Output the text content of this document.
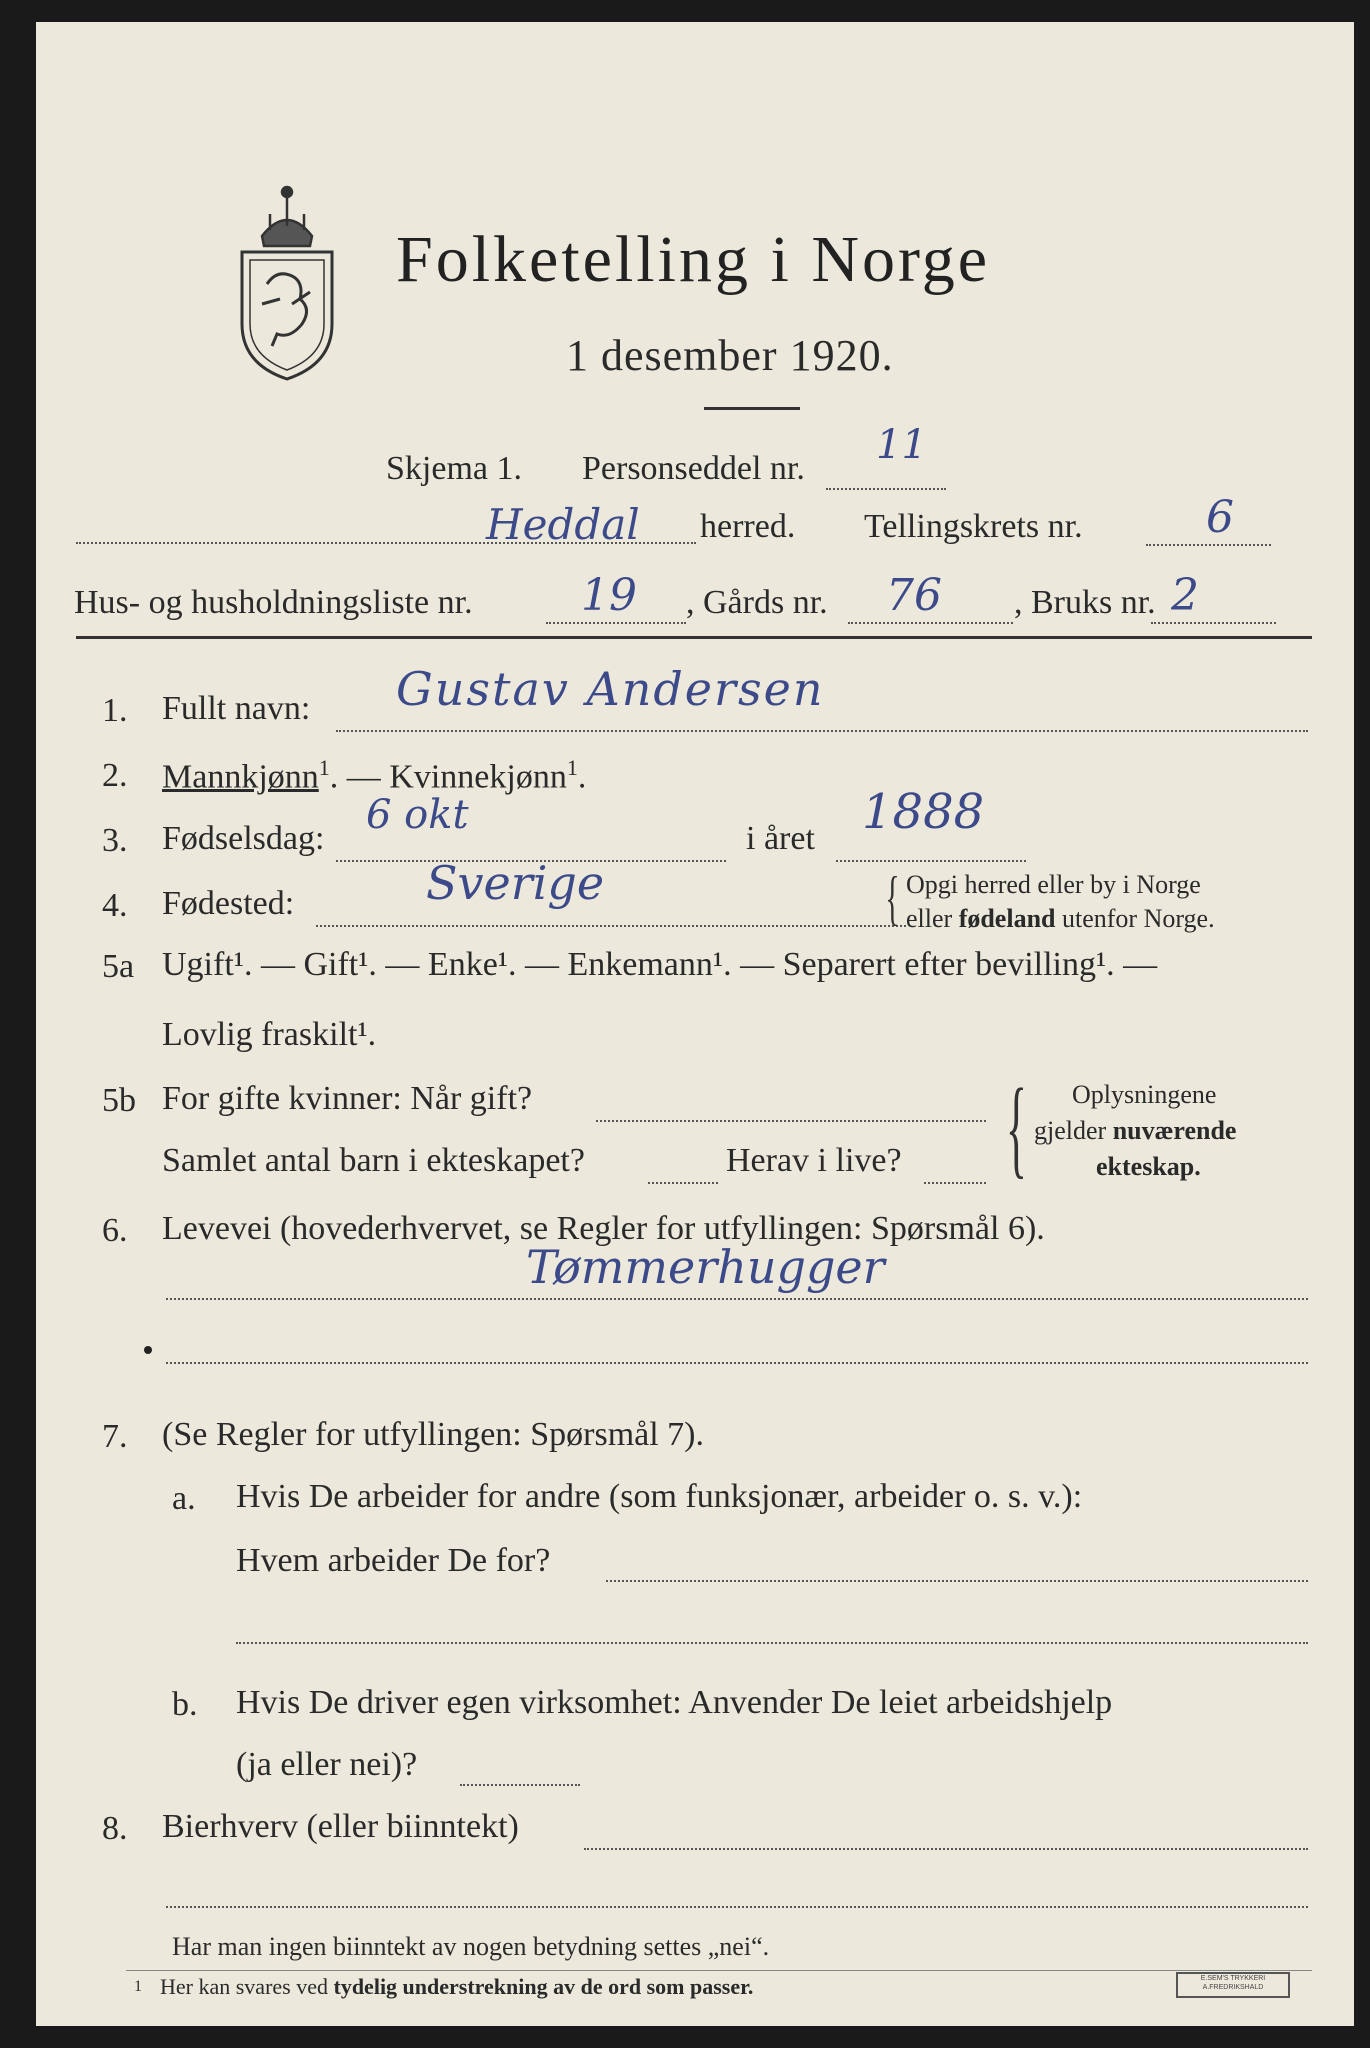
Folketelling i Norge
1 desember 1920.
Skjema 1. Personseddel nr.
11
Heddal herred. Tellingskrets nr.	6
Hus- og husholdningsliste nr. 19 , Gårds nr. 76 , Bruks nr. 2
1. Fullt navn: Gustav Andersen
2. Mannkjønn$^1$. — Kvinnekjønn$^1$.
3. Fødselsdag:
6 okt
i året 1888
4. Fødested:	Sverige	{ Opgi herred eller by i Norge
eller fødeland utenfor Norge.
5a Ugift¹. — Gift¹. — Enke¹. — Enkemann¹. — Separert efter bevilling¹. —
Lovlig fraskilt¹.
5b For gifte kvinner: Når gift?
Samlet antal barn i ekteskapet?	Herav i live? { Oplysningene
gjelder nuværende
ekteskap.
6. Levevei (hovederhvervet, se Regler for utfyllingen: Spørsmål 6).
Tømmerhugger
7. (Se Regler for utfyllingen: Spørsmål 7).
a. Hvis De arbeider for andre (som funksjonær, arbeider o. s. v.):
Hvem arbeider De for?
b. Hvis De driver egen virksomhet: Anvender De leiet arbeidshjelp
(ja eller nei)?
8. Bierhverv (eller biinntekt)
Har man ingen biinntekt av nogen betydning settes „nei“.
1 Her kan svares ved tydelig understrekning av de ord som passer.	E.SEM'S TRYKKERI
A.FREDRIKSHALD
